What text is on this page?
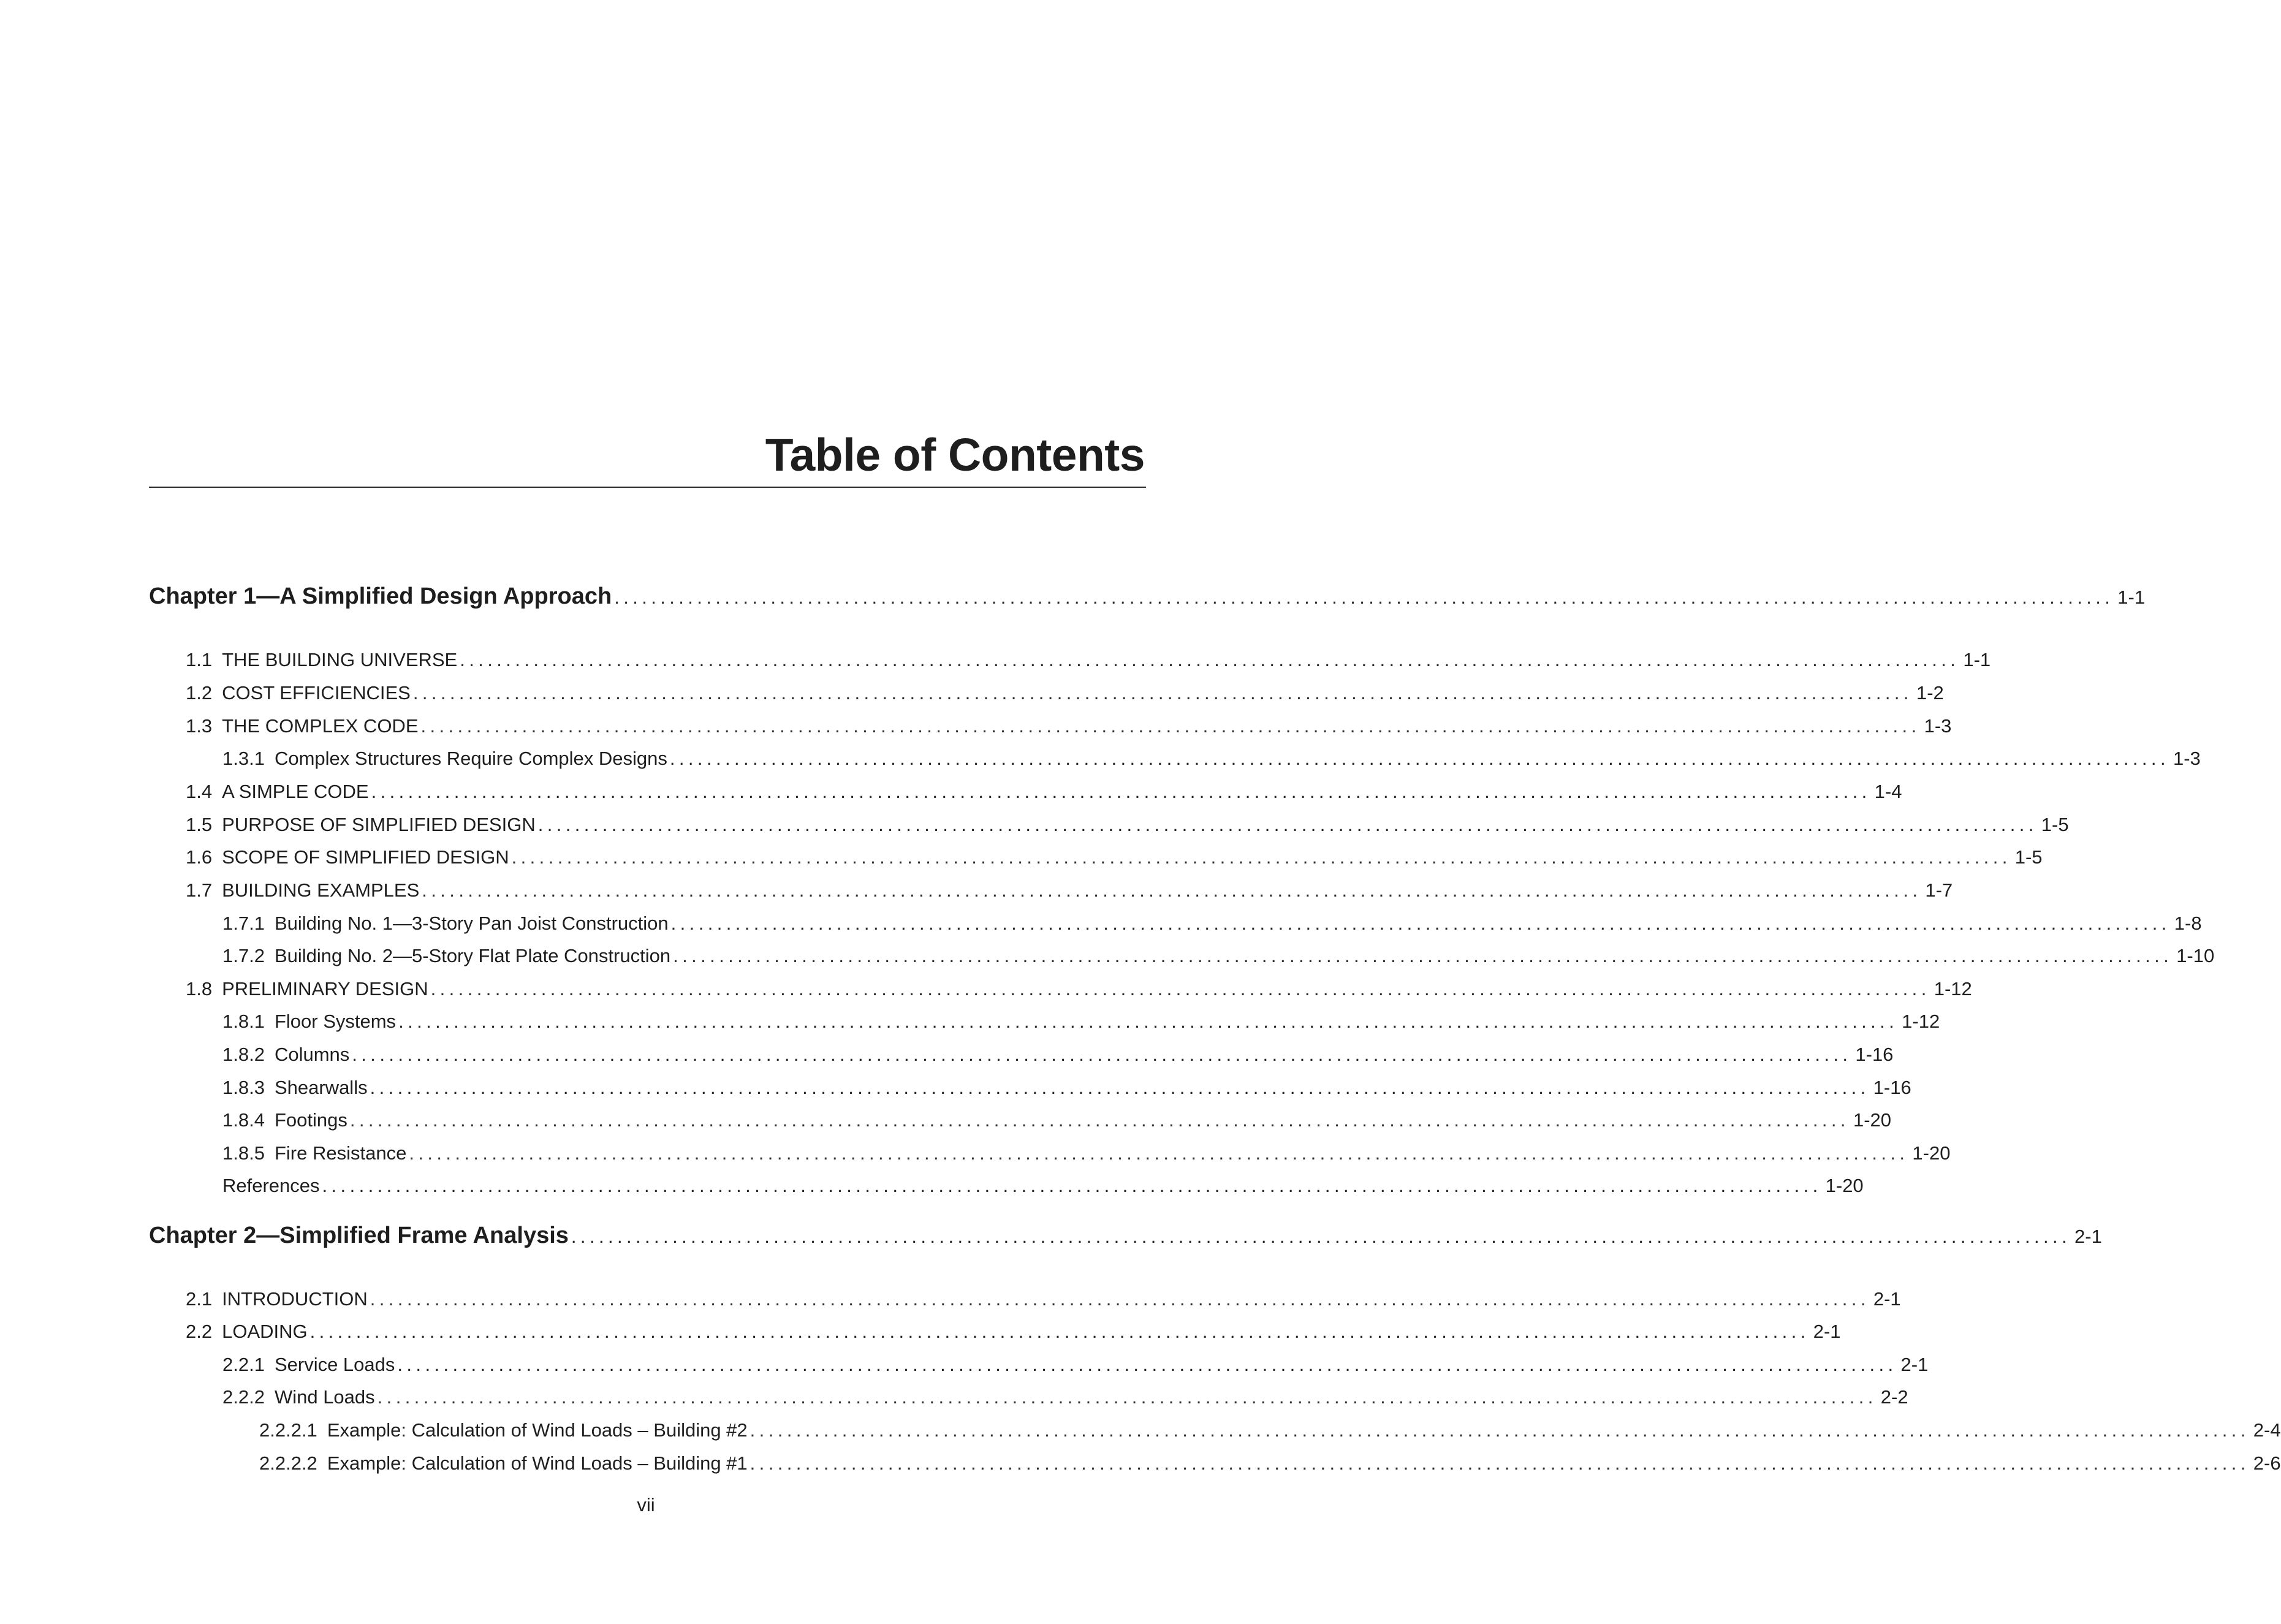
Table of Contents
Chapter 1—A Simplified Design Approach ................................................................................................................................................................... 1-1
1.1 THE BUILDING UNIVERSE ................................................................................................................................................................... 1-1
1.2 COST EFFICIENCIES ................................................................................................................................................................... 1-2
1.3 THE COMPLEX CODE ................................................................................................................................................................... 1-3
1.3.1 Complex Structures Require Complex Designs ................................................................................................................................................................... 1-3
1.4 A SIMPLE CODE ................................................................................................................................................................... 1-4
1.5 PURPOSE OF SIMPLIFIED DESIGN ................................................................................................................................................................... 1-5
1.6 SCOPE OF SIMPLIFIED DESIGN ................................................................................................................................................................... 1-5
1.7 BUILDING EXAMPLES ................................................................................................................................................................... 1-7
1.7.1 Building No. 1—3-Story Pan Joist Construction ................................................................................................................................................................... 1-8
1.7.2 Building No. 2—5-Story Flat Plate Construction ................................................................................................................................................................... 1-10
1.8 PRELIMINARY DESIGN ................................................................................................................................................................... 1-12
1.8.1 Floor Systems ................................................................................................................................................................... 1-12
1.8.2 Columns ................................................................................................................................................................... 1-16
1.8.3 Shearwalls ................................................................................................................................................................... 1-16
1.8.4 Footings ................................................................................................................................................................... 1-20
1.8.5 Fire Resistance ................................................................................................................................................................... 1-20
References ................................................................................................................................................................... 1-20
Chapter 2—Simplified Frame Analysis ................................................................................................................................................................... 2-1
2.1 INTRODUCTION ................................................................................................................................................................... 2-1
2.2 LOADING ................................................................................................................................................................... 2-1
2.2.1 Service Loads ................................................................................................................................................................... 2-1
2.2.2 Wind Loads ................................................................................................................................................................... 2-2
2.2.2.1 Example: Calculation of Wind Loads – Building #2 ................................................................................................................................................................... 2-4
2.2.2.2 Example: Calculation of Wind Loads – Building #1 ................................................................................................................................................................... 2-6
vii
